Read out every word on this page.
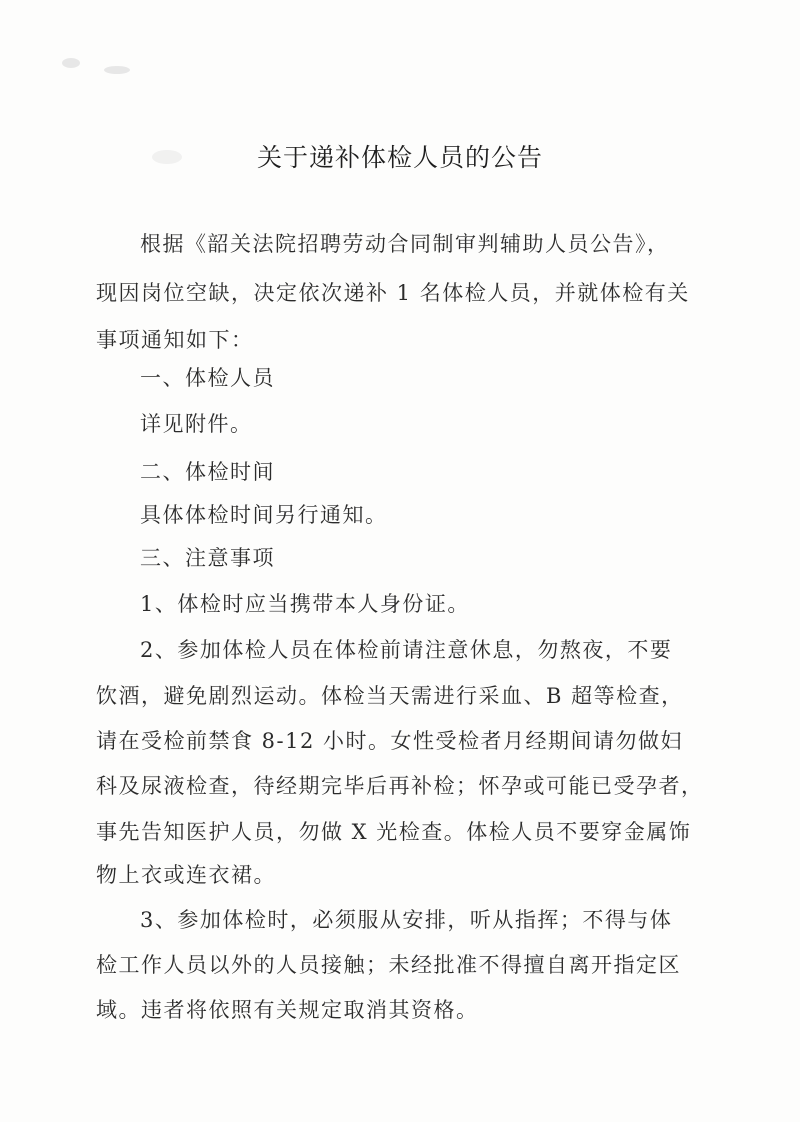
关于递补体检人员的公告
根据《韶关法院招聘劳动合同制审判辅助人员公告》，
现因岗位空缺，决定依次递补 1 名体检人员，并就体检有关
事项通知如下：
一、体检人员
详见附件。
二、体检时间
具体体检时间另行通知。
三、注意事项
1、体检时应当携带本人身份证。
2、参加体检人员在体检前请注意休息，勿熬夜，不要
饮酒，避免剧烈运动。体检当天需进行采血、B 超等检查，
请在受检前禁食 8-12 小时。女性受检者月经期间请勿做妇
科及尿液检查，待经期完毕后再补检；怀孕或可能已受孕者，
事先告知医护人员，勿做 X 光检查。体检人员不要穿金属饰
物上衣或连衣裙。
3、参加体检时，必须服从安排，听从指挥；不得与体
检工作人员以外的人员接触；未经批准不得擅自离开指定区
域。违者将依照有关规定取消其资格。
